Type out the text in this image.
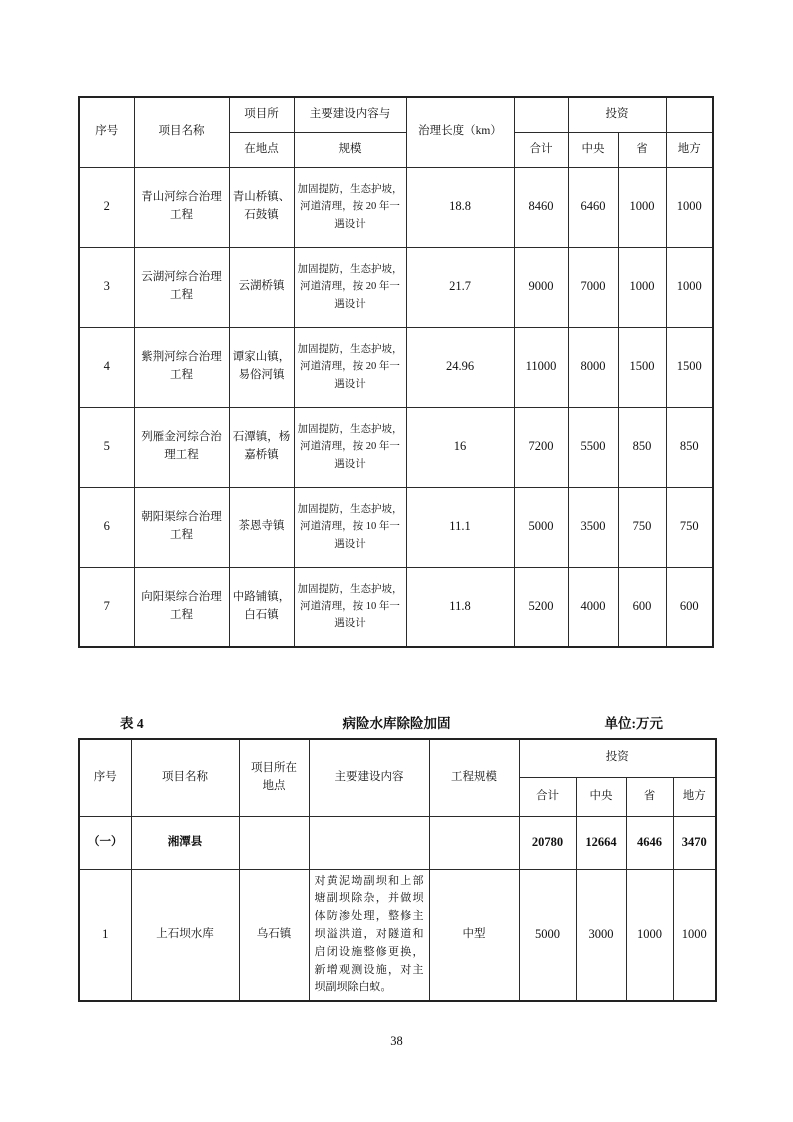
序号	项目名称	项目所	主要建设内容与	治理长度（km）		投资		
		在地点	规模		合计	中央	省	地方
2	青山河综合治理工程	青山桥镇、石鼓镇	加固提防，生态护坡，河道清理，按 20 年一遇设计	18.8	8460	6460	1000	1000
3	云湖河综合治理工程	云湖桥镇	加固提防，生态护坡，河道清理，按 20 年一遇设计	21.7	9000	7000	1000	1000
4	紫荆河综合治理工程	谭家山镇，易俗河镇	加固提防，生态护坡，河道清理，按 20 年一遇设计	24.96	11000	8000	1500	1500
5	列雁金河综合治理工程	石潭镇，杨嘉桥镇	加固提防，生态护坡，河道清理，按 20 年一遇设计	16	7200	5500	850	850
6	朝阳渠综合治理工程	茶恩寺镇	加固提防，生态护坡，河道清理，按 10 年一遇设计	11.1	5000	3500	750	750
7	向阳渠综合治理工程	中路铺镇，白石镇	加固提防，生态护坡，河道清理，按 10 年一遇设计	11.8	5200	4000	600	600
病险水库除险加固
表 4	单位:万元
序号	项目名称	项目所在地点	主要建设内容	工程规模	投资			
					合计	中央	省	地方
（一）	湘潭县				20780	12664	4646	3470
1	上石坝水库	乌石镇	对黄泥坳副坝和上部塘副坝除杂，并做坝体防渗处理，整修主坝溢洪道，对隧道和启闭设施整修更换，新增观测设施，对主坝副坝除白蚁。	中型	5000	3000	1000	1000
38
